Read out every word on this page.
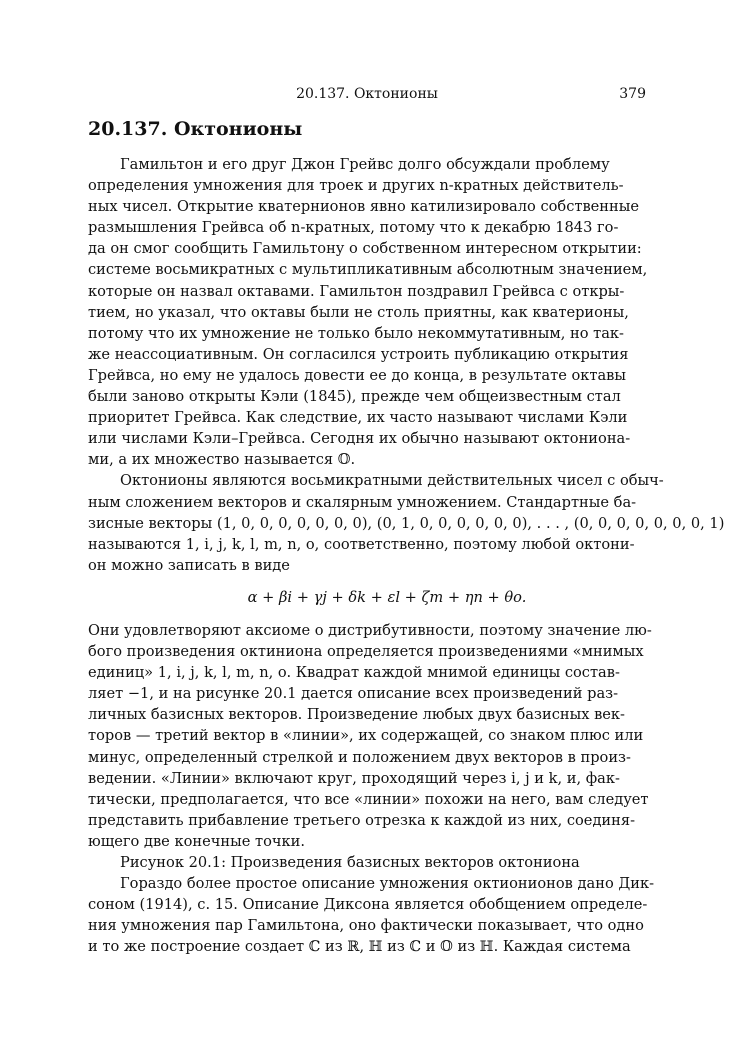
20.137. Октонионы	379
20.137. Октонионы
Гамильтон и его друг Джон Грейвс долго обсуждали проблему
определения умножения для троек и других n-кратных действитель-
ных чисел. Открытие кватернионов явно катилизировало собственные
размышления Грейвса об n-кратных, потому что к декабрю 1843 го-
да он смог сообщить Гамильтону о собственном интересном открытии:
системе восьмикратных с мультипликативным абсолютным значением,
которые он назвал октавами. Гамильтон поздравил Грейвса с откры-
тием, но указал, что октавы были не столь приятны, как кватерионы,
потому что их умножение не только было некоммутативным, но так-
же неассоциативным. Он согласился устроить публикацию открытия
Грейвса, но ему не удалось довести ее до конца, в результате октавы
были заново открыты Кэли (1845), прежде чем общеизвестным стал
приоритет Грейвса. Как следствие, их часто называют числами Кэли
или числами Кэли–Грейвса. Сегодня их обычно называют октониона-
ми, а их множество называется 𝕆.
Октонионы являются восьмикратными действительных чисел с обыч-
ным сложением векторов и скалярным умножением. Стандартные ба-
зисные векторы (1, 0, 0, 0, 0, 0, 0, 0), (0, 1, 0, 0, 0, 0, 0, 0), . . . , (0, 0, 0, 0, 0, 0, 0, 1)
называются 1, i, j, k, l, m, n, o, соответственно, поэтому любой октони-
он можно записать в виде
α + βi + γj + δk + εl + ζm + ηn + θo.
Они удовлетворяют аксиоме о дистрибутивности, поэтому значение лю-
бого произведения октиниона определяется произведениями «мнимых
единиц» 1, i, j, k, l, m, n, o. Квадрат каждой мнимой единицы состав-
ляет −1, и на рисунке 20.1 дается описание всех произведений раз-
личных базисных векторов. Произведение любых двух базисных век-
торов — третий вектор в «линии», их содержащей, со знаком плюс или
минус, определенный стрелкой и положением двух векторов в произ-
ведении. «Линии» включают круг, проходящий через i, j и k, и, фак-
тически, предполагается, что все «линии» похожи на него, вам следует
представить прибавление третьего отрезка к каждой из них, соединя-
ющего две конечные точки.
Рисунок 20.1: Произведения базисных векторов октониона
Гораздо более простое описание умножения октионионов дано Дик-
соном (1914), с. 15. Описание Диксона является обобщением определе-
ния умножения пар Гамильтона, оно фактически показывает, что одно
и то же построение создает ℂ из ℝ, ℍ из ℂ и 𝕆 из ℍ. Каждая система
